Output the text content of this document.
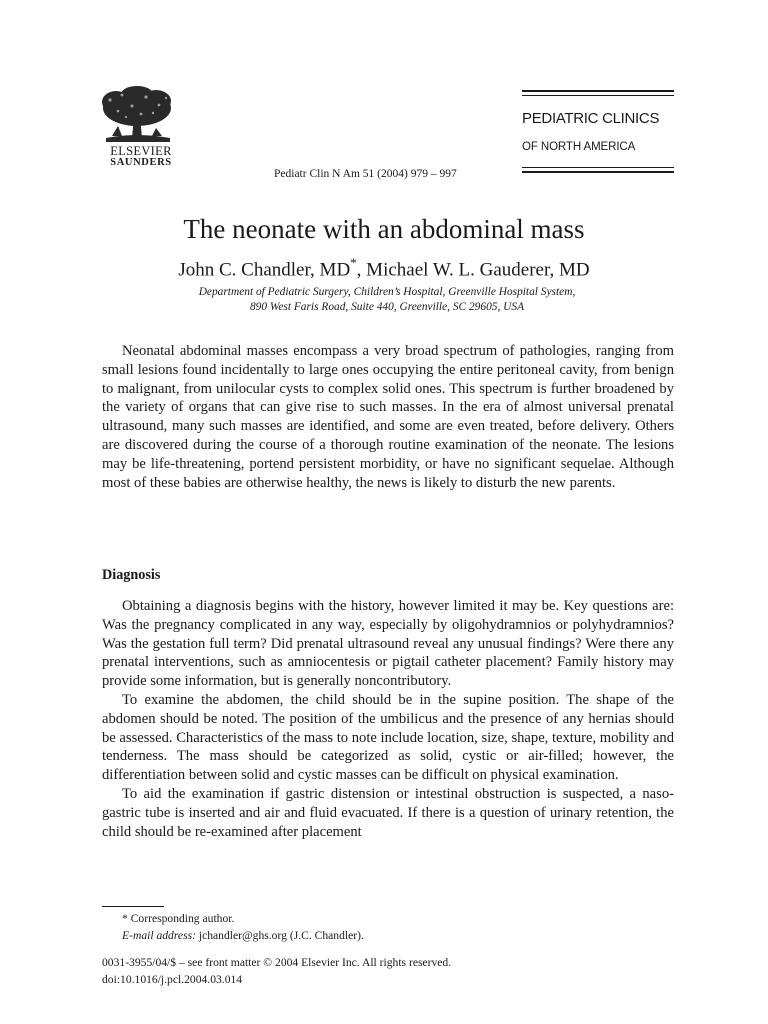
ELSEVIER
SAUNDERS
Pediatr Clin N Am 51 (2004) 979 – 997
PEDIATRIC CLINICS
OF NORTH AMERICA
The neonate with an abdominal mass
John C. Chandler, MD*, Michael W. L. Gauderer, MD
Department of Pediatric Surgery, Children’s Hospital, Greenville Hospital System,
890 West Faris Road, Suite 440, Greenville, SC 29605, USA

Neonatal abdominal masses encompass a very broad spectrum of pathologies, ranging from small lesions found incidentally to large ones occupying the entire peritoneal cavity, from benign to malignant, from unilocular cysts to complex solid ones. This spectrum is further broadened by the variety of organs that can give rise to such masses. In the era of almost universal prenatal ultrasound, many such masses are identified, and some are even treated, before delivery. Others are discovered during the course of a thorough routine examination of the neonate. The lesions may be life-threatening, portend persistent morbidity, or have no significant sequelae. Although most of these babies are otherwise healthy, the news is likely to disturb the new parents.

Diagnosis

Obtaining a diagnosis begins with the history, however limited it may be. Key questions are: Was the pregnancy complicated in any way, especially by oligohydramnios or polyhydramnios? Was the gestation full term? Did prenatal ultrasound reveal any unusual findings? Were there any prenatal interventions, such as amniocentesis or pigtail catheter placement? Family history may provide some information, but is generally noncontributory.

To examine the abdomen, the child should be in the supine position. The shape of the abdomen should be noted. The position of the umbilicus and the presence of any hernias should be assessed. Characteristics of the mass to note include location, size, shape, texture, mobility and tenderness. The mass should be categorized as solid, cystic or air-filled; however, the differentiation between solid and cystic masses can be difficult on physical examination.

To aid the examination if gastric distension or intestinal obstruction is suspected, a naso-gastric tube is inserted and air and fluid evacuated. If there is a question of urinary retention, the child should be re-examined after placement

* Corresponding author.
E-mail address: jchandler@ghs.org (J.C. Chandler).
0031-3955/04/$ – see front matter © 2004 Elsevier Inc. All rights reserved.
doi:10.1016/j.pcl.2004.03.014
